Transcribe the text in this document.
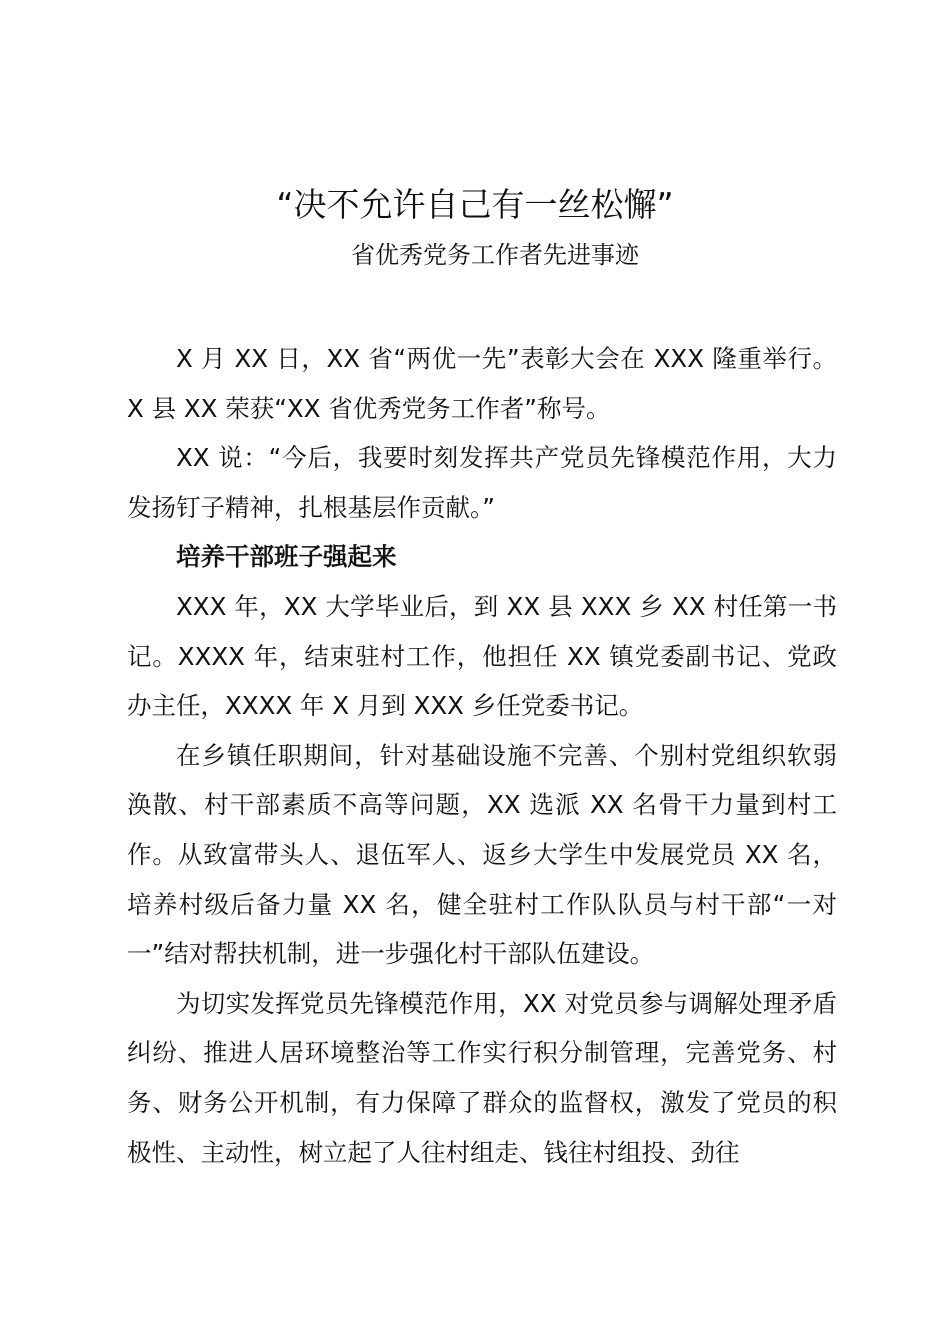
“决不允许自己有一丝松懈”
省优秀党务工作者先进事迹

X 月 XX 日，XX 省“两优一先”表彰大会在 XXX 隆重举行。X 县 XX 荣获“XX 省优秀党务工作者”称号。

XX 说：“今后，我要时刻发挥共产党员先锋模范作用，大力发扬钉子精神，扎根基层作贡献。”

培养干部班子强起来

XXX 年，XX 大学毕业后，到 XX 县 XXX 乡 XX 村任第一书记。XXXX 年，结束驻村工作，他担任 XX 镇党委副书记、党政办主任，XXXX 年 X 月到 XXX 乡任党委书记。

在乡镇任职期间，针对基础设施不完善、个别村党组织软弱涣散、村干部素质不高等问题，XX 选派 XX 名骨干力量到村工作。从致富带头人、退伍军人、返乡大学生中发展党员 XX 名，培养村级后备力量 XX 名，健全驻村工作队队员与村干部“一对一”结对帮扶机制，进一步强化村干部队伍建设。

为切实发挥党员先锋模范作用，XX 对党员参与调解处理矛盾纠纷、推进人居环境整治等工作实行积分制管理，完善党务、村务、财务公开机制，有力保障了群众的监督权，激发了党员的积极性、主动性，树立起了人往村组走、钱往村组投、劲往
